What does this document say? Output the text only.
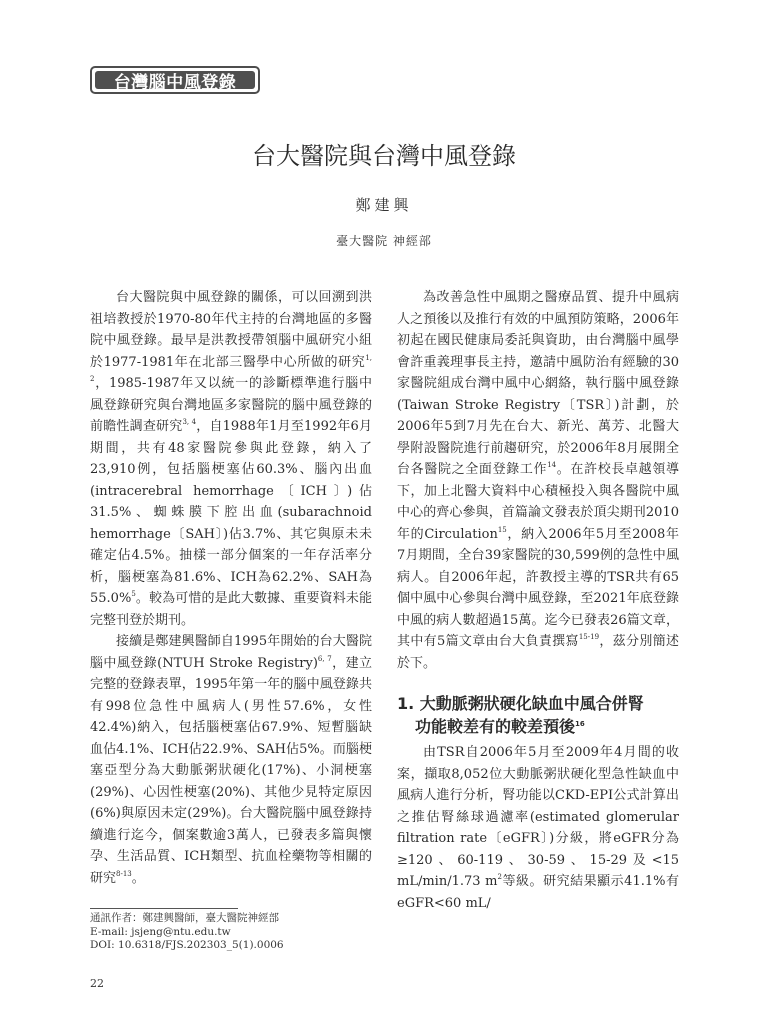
台灣腦中風登錄
台大醫院與台灣中風登錄
鄭建興
臺大醫院 神經部

台大醫院與中風登錄的關係，可以回溯到洪祖培教授於1970-80年代主持的台灣地區的多醫院中風登錄。最早是洪教授帶領腦中風研究小組於1977-1981年在北部三醫學中心所做的研究$^{1, 2}$，1985-1987年又以統一的診斷標準進行腦中風登錄研究與台灣地區多家醫院的腦中風登錄的前瞻性調查研究$^{3, 4}$，自1988年1月至1992年6月期間，共有48家醫院參與此登錄，納入了23,910例，包括腦梗塞佔60.3%、腦內出血(intracerebral hemorrhage〔ICH〕)佔31.5%、蜘蛛膜下腔出血(subarachnoid hemorrhage〔SAH〕)佔3.7%、其它與原未未確定佔4.5%。抽樣一部分個案的一年存活率分析，腦梗塞為81.6%、ICH為62.2%、SAH為55.0%$^5$。較為可惜的是此大數據、重要資料未能完整刊登於期刊。

接續是鄭建興醫師自1995年開始的台大醫院腦中風登錄(NTUH Stroke Registry)$^{6, 7}$，建立完整的登錄表單，1995年第一年的腦中風登錄共有998位急性中風病人(男性57.6%，女性42.4%)納入，包括腦梗塞佔67.9%、短暫腦缺血佔4.1%、ICH佔22.9%、SAH佔5%。而腦梗塞亞型分為大動脈粥狀硬化(17%)、小洞梗塞(29%)、心因性梗塞(20%)、其他少見特定原因(6%)與原因未定(29%)。台大醫院腦中風登錄持續進行迄今，個案數逾3萬人，已發表多篇與懷孕、生活品質、ICH類型、抗血栓藥物等相關的研究$^{8-13}$。

為改善急性中風期之醫療品質、提升中風病人之預後以及推行有效的中風預防策略，2006年初起在國民健康局委託與資助，由台灣腦中風學會許重義理事長主持，邀請中風防治有經驗的30家醫院組成台灣中風中心網絡，執行腦中風登錄(Taiwan Stroke Registry〔TSR〕)計劃，於2006年5到7月先在台大、新光、萬芳、北醫大學附設醫院進行前趨研究，於2006年8月展開全台各醫院之全面登錄工作$^{14}$。在許校長卓越領導下，加上北醫大資料中心積極投入與各醫院中風中心的齊心參與，首篇論文發表於頂尖期刊2010年的Circulation$^{15}$，納入2006年5月至2008年7月期間，全台39家醫院的30,599例的急性中風病人。自2006年起，許教授主導的TSR共有65個中風中心參與台灣中風登錄，至2021年底登錄中風的病人數超過15萬。迄今已發表26篇文章，其中有5篇文章由台大負責撰寫$^{15-19}$，茲分別簡述於下。

1. 大動脈粥狀硬化缺血中風合併腎
功能較差有的較差預後$^{16}$

由TSR自2006年5月至2009年4月間的收案，擷取8,052位大動脈粥狀硬化型急性缺血中風病人進行分析，腎功能以CKD-EPI公式計算出之推估腎絲球過濾率(estimated glomerular filtration rate〔eGFR〕)分級，將eGFR分為≥120、60-119、30-59、15-29及<15 mL/min/1.73 $m^2$等級。研究結果顯示41.1%有eGFR<60 mL/

通訊作者：鄭建興醫師，臺大醫院神經部
E-mail: jsjeng@ntu.edu.tw
DOI: 10.6318/FJS.202303_5(1).0006
22
